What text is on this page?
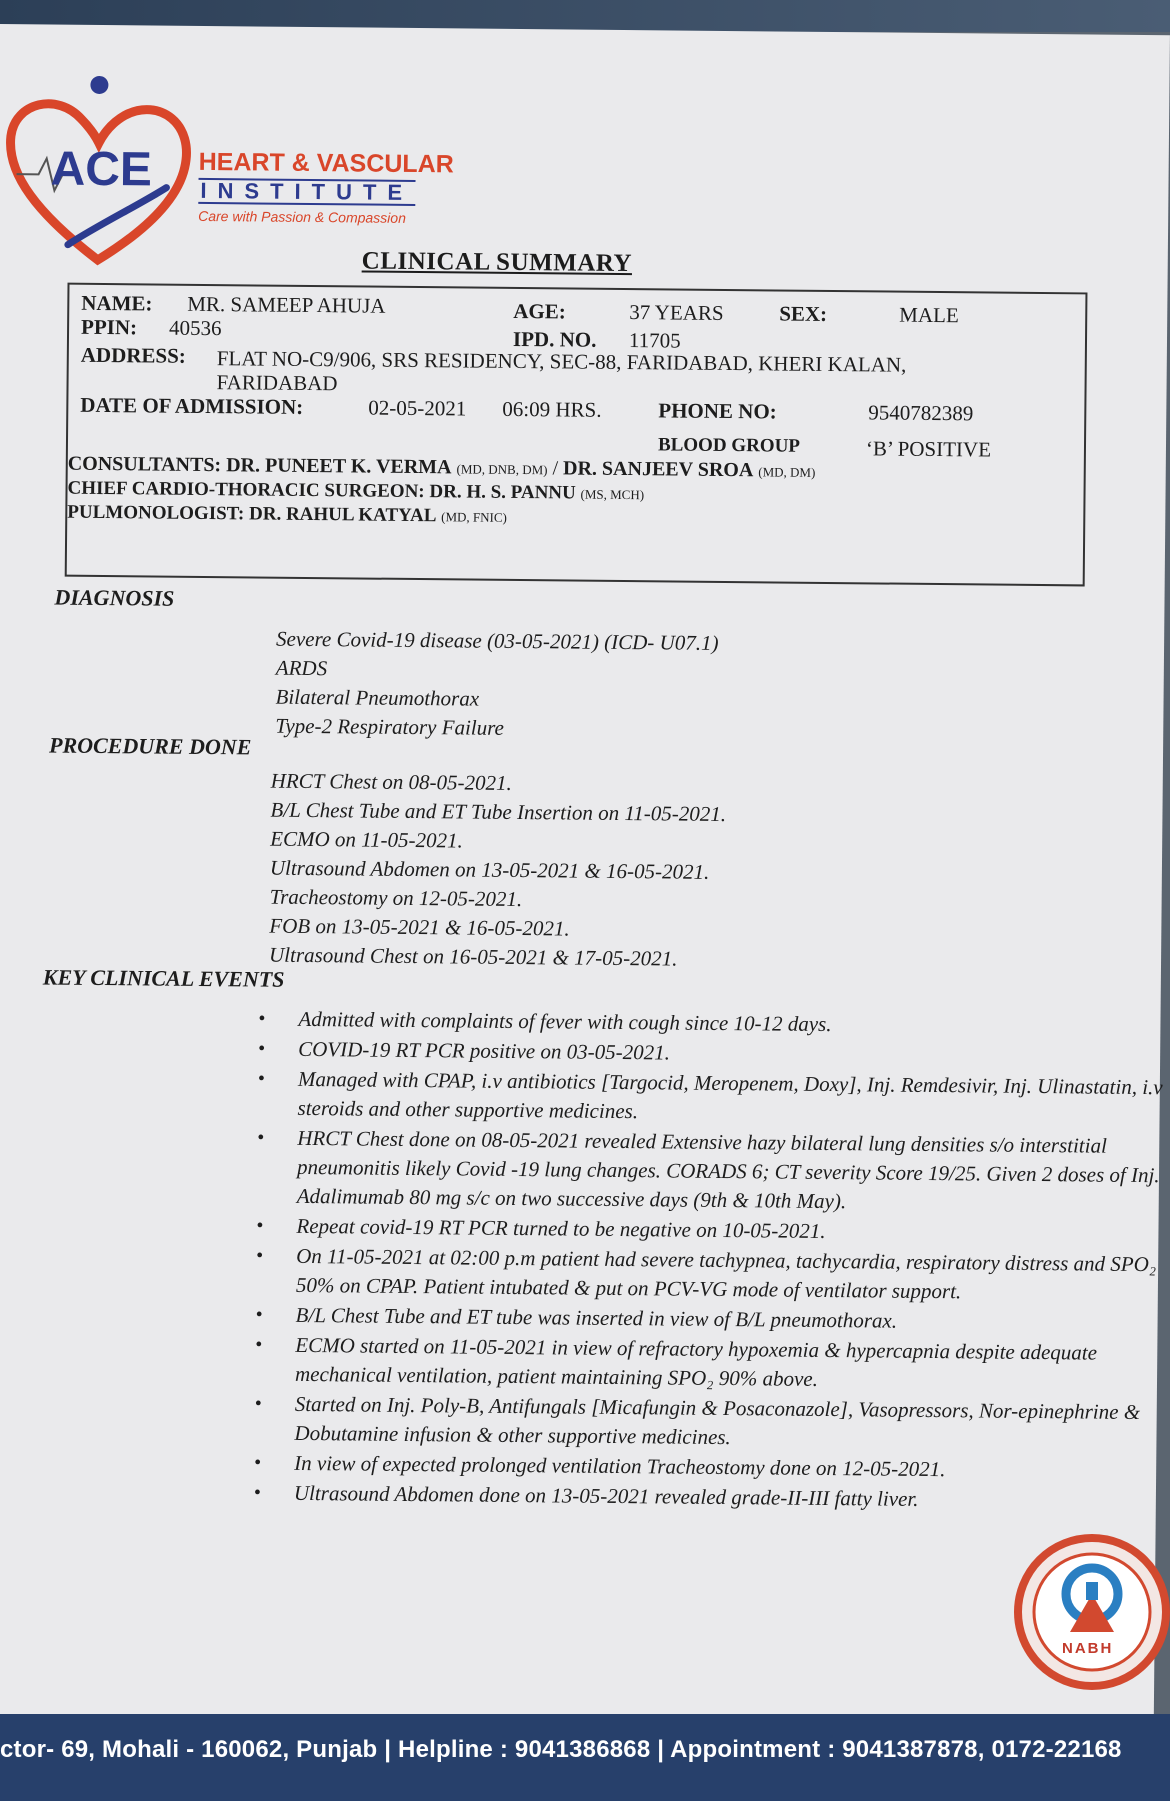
ACE HEART & VASCULAR
INSTITUTE
Care with Passion & Compassion
CLINICAL SUMMARY
NAME: MR. SAMEEP AHUJA
PPIN: 40536
AGE:	37 YEARS	SEX:	MALE
IPD. NO. 11705
ADDRESS: FLAT NO-C9/906, SRS RESIDENCY, SEC-88, FARIDABAD, KHERI KALAN,
FARIDABAD
DATE OF ADMISSION:	02-05-2021 06:09 HRS.	PHONE NO:	9540782389
BLOOD GROUP	‘B’ POSITIVE
CONSULTANTS: DR. PUNEET K. VERMA (MD, DNB, DM) / DR. SANJEEV SROA (MD, DM)
CHIEF CARDIO-THORACIC SURGEON: DR. H. S. PANNU (MS, MCH)
PULMONOLOGIST: DR. RAHUL KATYAL (MD, FNIC)
DIAGNOSIS
Severe Covid-19 disease (03-05-2021) (ICD- U07.1)
ARDS
Bilateral Pneumothorax
Type-2 Respiratory Failure
PROCEDURE DONE
HRCT Chest on 08-05-2021.
B/L Chest Tube and ET Tube Insertion on 11-05-2021.
ECMO on 11-05-2021.
Ultrasound Abdomen on 13-05-2021 & 16-05-2021.
Tracheostomy on 12-05-2021.
FOB on 13-05-2021 & 16-05-2021.
Ultrasound Chest on 16-05-2021 & 17-05-2021.
KEY CLINICAL EVENTS
• Admitted with complaints of fever with cough since 10-12 days.
• COVID-19 RT PCR positive on 03-05-2021.
• Managed with CPAP, i.v antibiotics [Targocid, Meropenem, Doxy], Inj. Remdesivir, Inj. Ulinastatin, i.v steroids and other supportive medicines.
• HRCT Chest done on 08-05-2021 revealed Extensive hazy bilateral lung densities s/o interstitial pneumonitis likely Covid -19 lung changes. CORADS 6; CT severity Score 19/25. Given 2 doses of Inj. Adalimumab 80 mg s/c on two successive days (9th & 10th May).
• Repeat covid-19 RT PCR turned to be negative on 10-05-2021.
• On 11-05-2021 at 02:00 p.m patient had severe tachypnea, tachycardia, respiratory distress and SPO₂ 50% on CPAP. Patient intubated & put on PCV-VG mode of ventilator support.
• B/L Chest Tube and ET tube was inserted in view of B/L pneumothorax.
• ECMO started on 11-05-2021 in view of refractory hypoxemia & hypercapnia despite adequate mechanical ventilation, patient maintaining SPO₂ 90% above.
• Started on Inj. Poly-B, Antifungals [Micafungin & Posaconazole], Vasopressors, Nor-epinephrine & Dobutamine infusion & other supportive medicines.
• In view of expected prolonged ventilation Tracheostomy done on 12-05-2021.
• Ultrasound Abdomen done on 13-05-2021 revealed grade-II-III fatty liver.
NABH
ctor- 69, Mohali - 160062, Punjab | Helpline : 9041386868 | Appointment : 9041387878, 0172-22168
